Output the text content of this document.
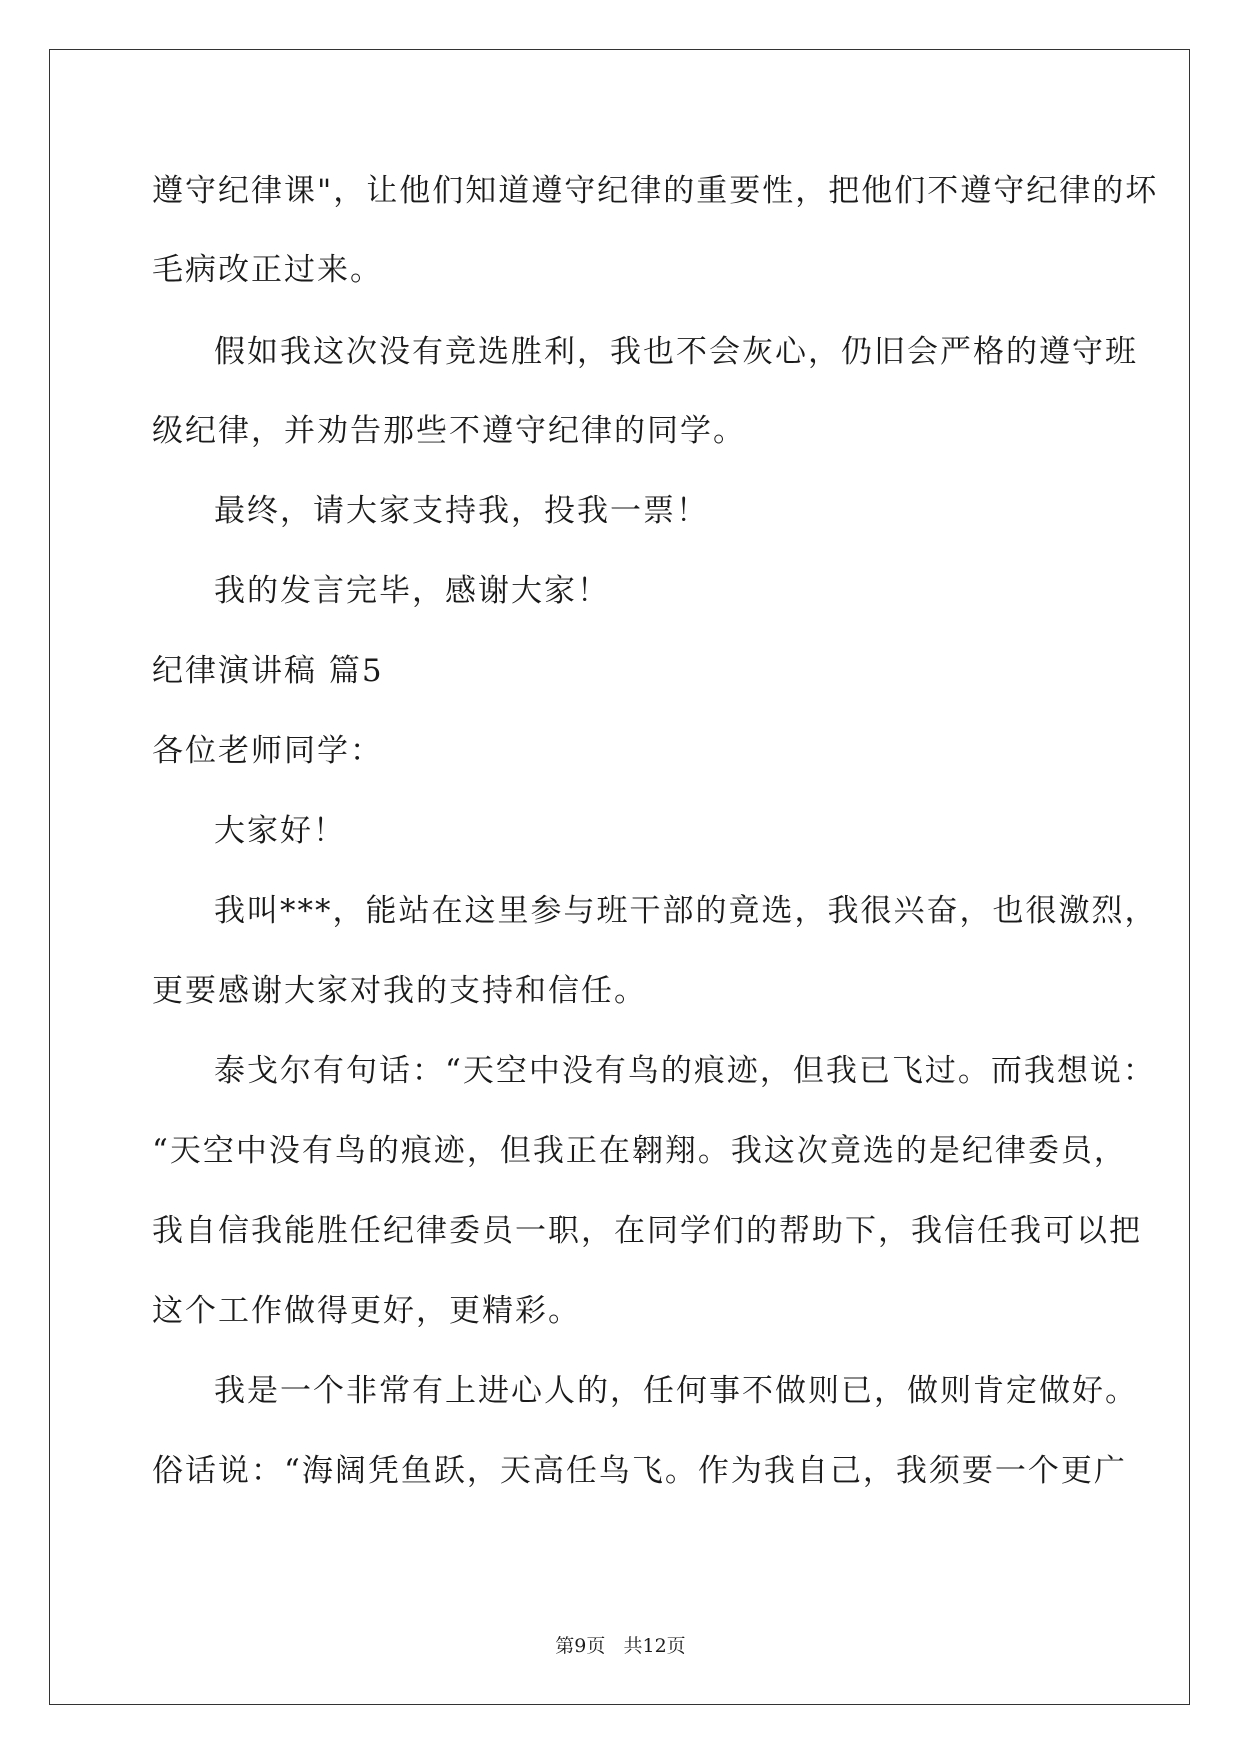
遵守纪律课"，让他们知道遵守纪律的重要性，把他们不遵守纪律的坏
毛病改正过来。
假如我这次没有竞选胜利，我也不会灰心，仍旧会严格的遵守班
级纪律，并劝告那些不遵守纪律的同学。
最终，请大家支持我，投我一票！
我的发言完毕，感谢大家！
纪律演讲稿 篇5
各位老师同学：
大家好！
我叫***，能站在这里参与班干部的竟选，我很兴奋，也很激烈，
更要感谢大家对我的支持和信任。
泰戈尔有句话：“天空中没有鸟的痕迹，但我已飞过。而我想说：
“天空中没有鸟的痕迹，但我正在翱翔。我这次竟选的是纪律委员，
我自信我能胜任纪律委员一职，在同学们的帮助下，我信任我可以把
这个工作做得更好，更精彩。
我是一个非常有上进心人的，任何事不做则已，做则肯定做好。
俗话说：“海阔凭鱼跃，天高任鸟飞。作为我自己，我须要一个更广
第9页   共12页
